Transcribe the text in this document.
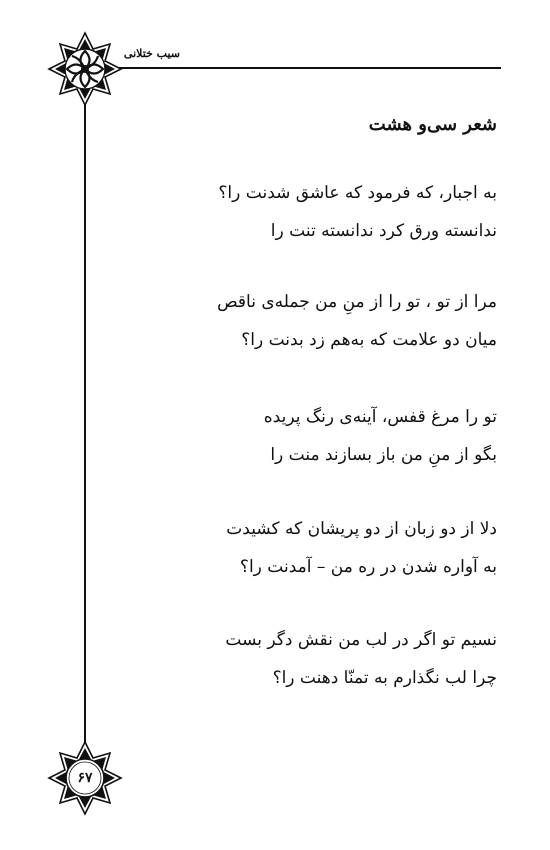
سیب ختلانی
شعر سی‌و هشت
به اجبار، که فرمود که عاشق شدنت را؟
ندانسته ورق کرد ندانسته تنت را
مرا از تو ، تو را از منِ من جمله‌ی ناقص
میان دو علامت که به‌هم زد بدنت را؟
تو را مرغ قفس، آینه‌ی رنگ پریده
بگو از منِ من باز بسازند منت را
دلا از دو زبان از دو پریشان که کشیدت
به آواره شدن در ره من – آمدنت را؟
نسیم تو اگر در لب من نقش دگر بست
چرا لب نگذارم به تمنّا دهنت را؟
۶۷
